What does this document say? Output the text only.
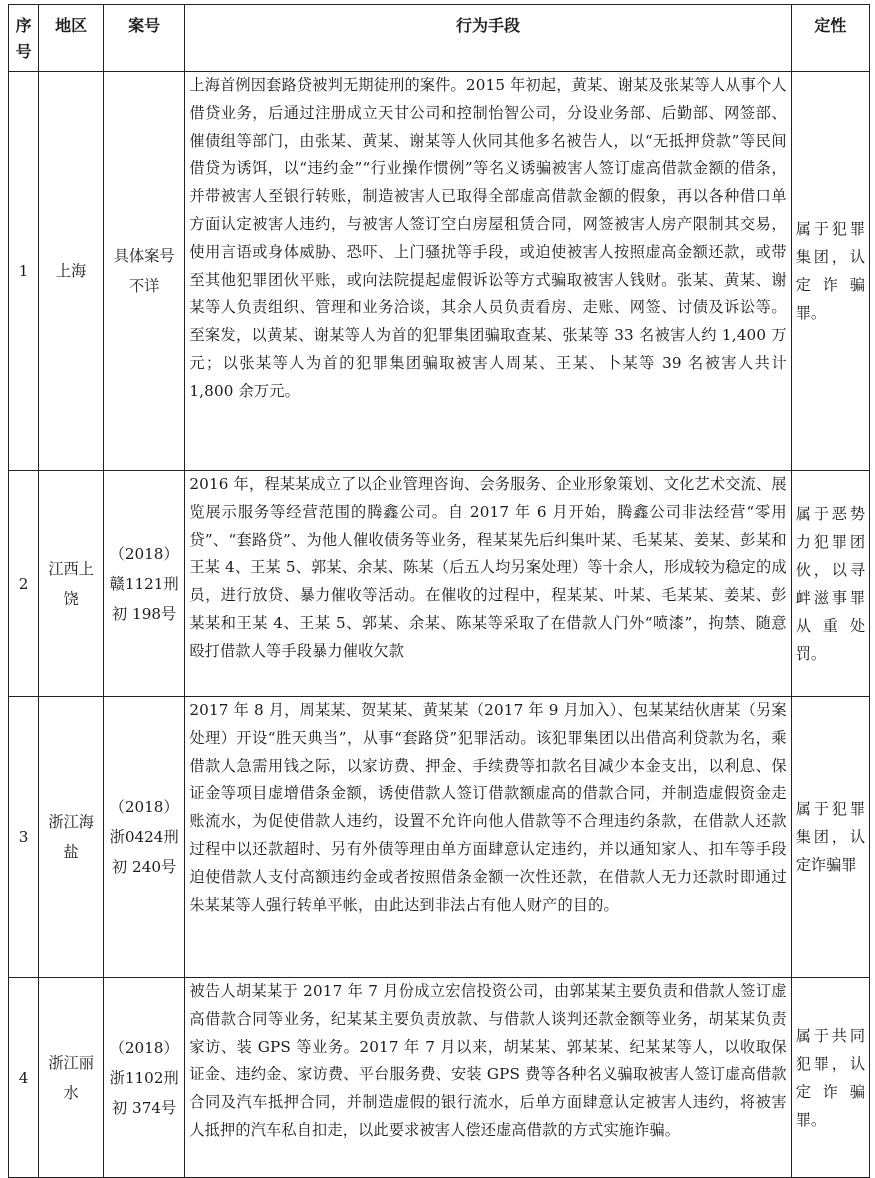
序号	地区	案号	行为手段	定性
1	上海	具体案号不详	上海首例因套路贷被判无期徒刑的案件。2015 年初起，黄某、谢某及张某等人从事个人借贷业务，后通过注册成立天甘公司和控制怡智公司，分设业务部、后勤部、网签部、催债组等部门，由张某、黄某、谢某等人伙同其他多名被告人，以“无抵押贷款”等民间借贷为诱饵，以“违约金”“行业操作惯例”等名义诱骗被害人签订虚高借款金额的借条，并带被害人至银行转账，制造被害人已取得全部虚高借款金额的假象，再以各种借口单方面认定被害人违约，与被害人签订空白房屋租赁合同，网签被害人房产限制其交易，使用言语或身体威胁、恐吓、上门骚扰等手段，或迫使被害人按照虚高金额还款，或带至其他犯罪团伙平账，或向法院提起虚假诉讼等方式骗取被害人钱财。张某、黄某、谢某等人负责组织、管理和业务洽谈，其余人员负责看房、走账、网签、讨债及诉讼等。至案发，以黄某、谢某等人为首的犯罪集团骗取查某、张某等 33 名被害人约 1,400 万元；以张某等人为首的犯罪集团骗取被害人周某、王某、卜某等 39 名被害人共计 1,800 余万元。	属于犯罪集团，认定诈骗罪。
2	江西上饶	（2018）赣1121刑初 198号	2016 年，程某某成立了以企业管理咨询、会务服务、企业形象策划、文化艺术交流、展览展示服务等经营范围的腾鑫公司。自 2017 年 6 月开始，腾鑫公司非法经营“零用贷”、“套路贷”、为他人催收债务等业务，程某某先后纠集叶某、毛某某、姜某、彭某和王某 4、王某 5、郭某、余某、陈某（后五人均另案处理）等十余人，形成较为稳定的成员，进行放贷、暴力催收等活动。在催收的过程中，程某某、叶某、毛某某、姜某、彭某某和王某 4、王某 5、郭某、余某、陈某等采取了在借款人门外“喷漆”，拘禁、随意殴打借款人等手段暴力催收欠款	属于恶势力犯罪团伙，以寻衅滋事罪从重处罚。
3	浙江海盐	（2018）浙0424刑初 240号	2017 年 8 月，周某某、贺某某、黄某某（2017 年 9 月加入）、包某某结伙唐某（另案处理）开设“胜天典当”，从事“套路贷”犯罪活动。该犯罪集团以出借高利贷款为名，乘借款人急需用钱之际，以家访费、押金、手续费等扣款名目减少本金支出，以利息、保证金等项目虚增借条金额，诱使借款人签订借款额虚高的借款合同，并制造虚假资金走账流水，为促使借款人违约，设置不允许向他人借款等不合理违约条款，在借款人还款过程中以还款超时、另有外债等理由单方面肆意认定违约，并以通知家人、扣车等手段迫使借款人支付高额违约金或者按照借条金额一次性还款，在借款人无力还款时即通过朱某某等人强行转单平帐，由此达到非法占有他人财产的目的。	属于犯罪集团，认定诈骗罪
4	浙江丽水	（2018）浙1102刑初 374号	被告人胡某某于 2017 年 7 月份成立宏信投资公司，由郭某某主要负责和借款人签订虚高借款合同等业务，纪某某主要负责放款、与借款人谈判还款金额等业务，胡某某负责家访、装 GPS 等业务。2017 年 7 月以来，胡某某、郭某某、纪某某等人，以收取保证金、违约金、家访费、平台服务费、安装 GPS 费等各种名义骗取被害人签订虚高借款合同及汽车抵押合同，并制造虚假的银行流水，后单方面肆意认定被害人违约，将被害人抵押的汽车私自扣走，以此要求被害人偿还虚高借款的方式实施诈骗。	属于共同犯罪，认定诈骗罪。
